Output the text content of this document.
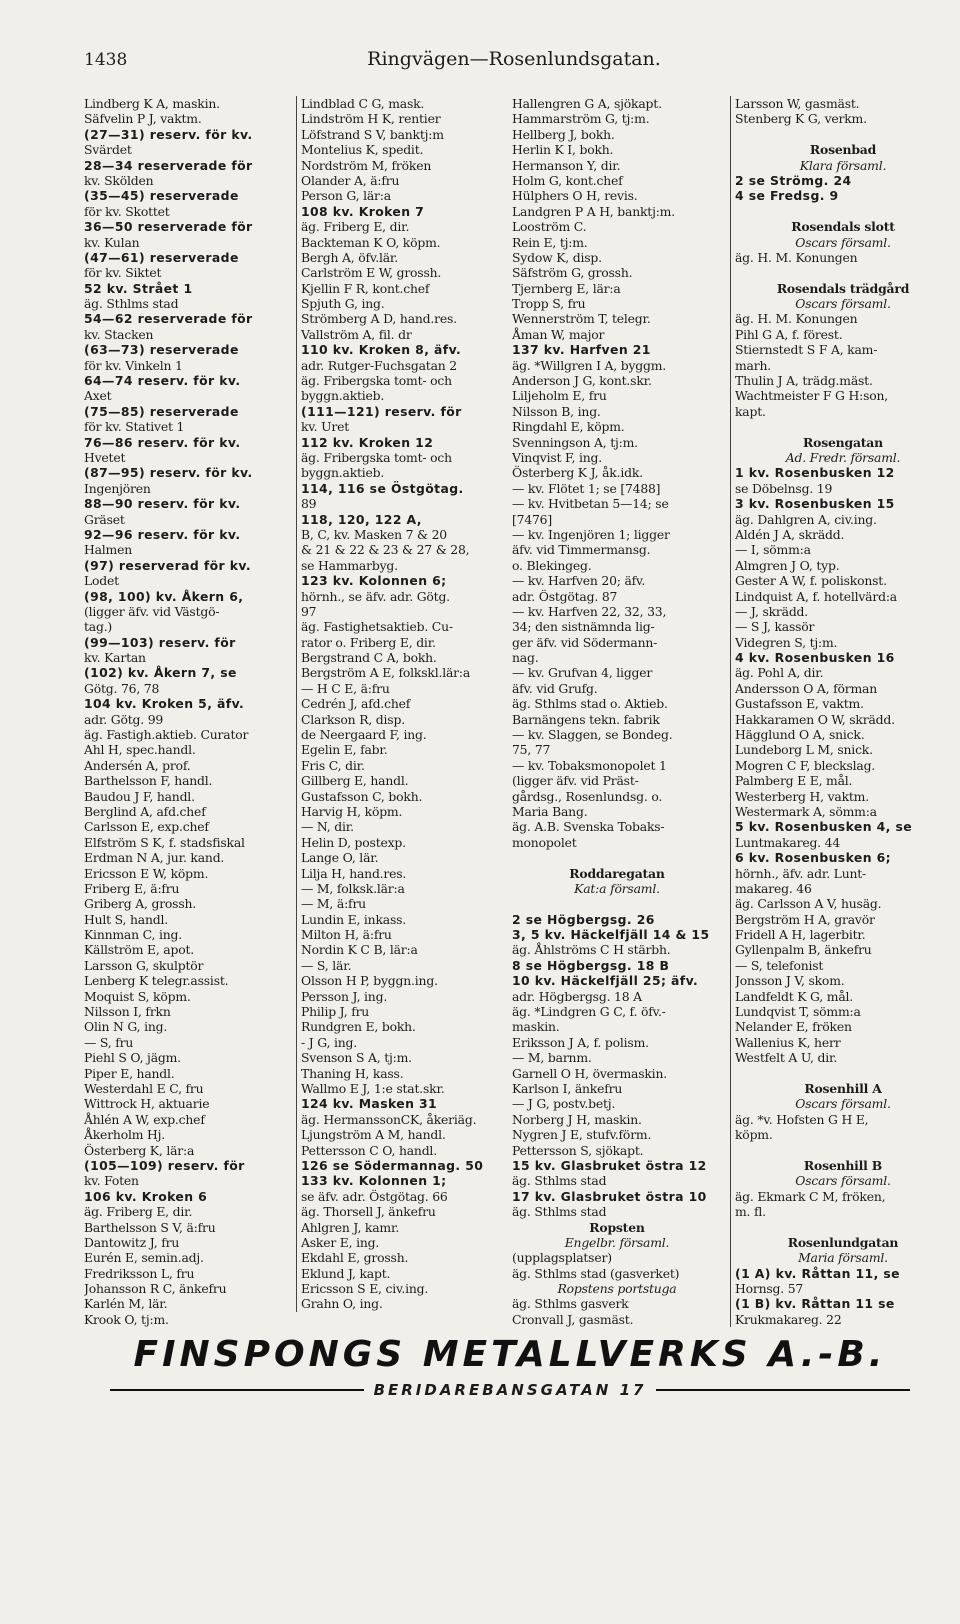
1438	Ringvägen—Rosenlundsgatan.
Lindberg K A, maskin.
Säfvelin P J, vaktm.
(27—31) reserv. för kv.
Svärdet
28—34 reserverade för
kv. Skölden
(35—45) reserverade
för kv. Skottet
36—50 reserverade för
kv. Kulan
(47—61) reserverade
för kv. Siktet
52 kv. Strået 1
äg. Sthlms stad
54—62 reserverade för
kv. Stacken
(63—73) reserverade
för kv. Vinkeln 1
64—74 reserv. för kv.
Axet
(75—85) reserverade
för kv. Stativet 1
76—86 reserv. för kv.
Hvetet
(87—95) reserv. för kv.
Ingenjören
88—90 reserv. för kv.
Gräset
92—96 reserv. för kv.
Halmen
(97) reserverad för kv.
Lodet
(98, 100) kv. Åkern 6,
(ligger äfv. vid Västgö-
tag.)
(99—103) reserv. för
kv. Kartan
(102) kv. Åkern 7, se
Götg. 76, 78
104 kv. Kroken 5, äfv.
adr. Götg. 99
äg. Fastigh.aktieb. Curator
Ahl H, spec.handl.
Andersén A, prof.
Barthelsson F, handl.
Baudou J F, handl.
Berglind A, afd.chef
Carlsson E, exp.chef
Elfström S K, f. stadsfiskal
Erdman N A, jur. kand.
Ericsson E W, köpm.
Friberg E, ä:fru
Griberg A, grossh.
Hult S, handl.
Kinnman C, ing.
Källström E, apot.
Larsson G, skulptör
Lenberg K telegr.assist.
Moquist S, köpm.
Nilsson I, frkn
Olin N G, ing.
— S, fru
Piehl S O, jägm.
Piper E, handl.
Westerdahl E C, fru
Wittrock H, aktuarie
Åhlén A W, exp.chef
Åkerholm Hj.
Österberg K, lär:a
(105—109) reserv. för
kv. Foten
106 kv. Kroken 6
äg. Friberg E, dir.
Barthelsson S V, ä:fru
Dantowitz J, fru
Eurén E, semin.adj.
Fredriksson L, fru
Johansson R C, änkefru
Karlén M, lär.
Krook O, tj:m.
Lindblad C G, mask.
Lindström H K, rentier
Löfstrand S V, banktj:m
Montelius K, spedit.
Nordström M, fröken
Olander A, ä:fru
Person G, lär:a
108 kv. Kroken 7
äg. Friberg E, dir.
Backteman K O, köpm.
Bergh A, öfv.lär.
Carlström E W, grossh.
Kjellin F R, kont.chef
Spjuth G, ing.
Strömberg A D, hand.res.
Vallström A, fil. dr
110 kv. Kroken 8, äfv.
adr. Rutger-Fuchsgatan 2
äg. Fribergska tomt- och
byggn.aktieb.
(111—121) reserv. för
kv. Uret
112 kv. Kroken 12
äg. Fribergska tomt- och
byggn.aktieb.
114, 116 se Östgötag.
89
118, 120, 122 A,
B, C, kv. Masken 7 & 20
& 21 & 22 & 23 & 27 & 28,
se Hammarbyg.
123 kv. Kolonnen 6;
hörnh., se äfv. adr. Götg.
97
äg. Fastighetsaktieb. Cu-
rator o. Friberg E, dir.
Bergstrand C A, bokh.
Bergström A E, folkskl.lär:a
— H C E, ä:fru
Cedrén J, afd.chef
Clarkson R, disp.
de Neergaard F, ing.
Egelin E, fabr.
Fris C, dir.
Gillberg E, handl.
Gustafsson C, bokh.
Harvig H, köpm.
— N, dir.
Helin D, postexp.
Lange O, lär.
Lilja H, hand.res.
— M, folksk.lär:a
— M, ä:fru
Lundin E, inkass.
Milton H, ä:fru
Nordin K C B, lär:a
— S, lär.
Olsson H P, byggn.ing.
Persson J, ing.
Philip J, fru
Rundgren E, bokh.
- J G, ing.
Svenson S A, tj:m.
Thaning H, kass.
Wallmo E J, 1:e stat.skr.
124 kv. Masken 31
äg. HermanssonCK, åkeriäg.
Ljungström A M, handl.
Pettersson C O, handl.
126 se Södermannag. 50
133 kv. Kolonnen 1;
se äfv. adr. Östgötag. 66
äg. Thorsell J, änkefru
Ahlgren J, kamr.
Asker E, ing.
Ekdahl E, grossh.
Eklund J, kapt.
Ericsson S E, civ.ing.
Grahn O, ing.
Hallengren G A, sjökapt.
Hammarström G, tj:m.
Hellberg J, bokh.
Herlin K I, bokh.
Hermanson Y, dir.
Holm G, kont.chef
Hülphers O H, revis.
Landgren P A H, banktj:m.
Looström C.
Rein E, tj:m.
Sydow K, disp.
Säfström G, grossh.
Tjernberg E, lär:a
Tropp S, fru
Wennerström T, telegr.
Åman W, major
137 kv. Harfven 21
äg. *Willgren I A, byggm.
Anderson J G, kont.skr.
Liljeholm E, fru
Nilsson B, ing.
Ringdahl E, köpm.
Svenningson A, tj:m.
Vinqvist F, ing.
Österberg K J, åk.idk.
— kv. Flötet 1; se [7488]
— kv. Hvitbetan 5—14; se
[7476]
— kv. Ingenjören 1; ligger
äfv. vid Timmermansg.
o. Blekingeg.
— kv. Harfven 20; äfv.
adr. Östgötag. 87
— kv. Harfven 22, 32, 33,
34; den sistnämnda lig-
ger äfv. vid Södermann-
nag.
— kv. Grufvan 4, ligger
äfv. vid Grufg.
äg. Sthlms stad o. Aktieb.
Barnängens tekn. fabrik
— kv. Slaggen, se Bondeg.
75, 77
— kv. Tobaksmonopolet 1
(ligger äfv. vid Präst-
gårdsg., Rosenlundsg. o.
Maria Bang.
äg. A.B. Svenska Tobaks-
monopolet
Roddaregatan
Kat:a församl.
2 se Högbergsg. 26
3, 5 kv. Häckelfjäll 14 & 15
äg. Åhlströms C H stärbh.
8 se Högbergsg. 18 B
10 kv. Häckelfjäll 25; äfv.
adr. Högbergsg. 18 A
äg. *Lindgren G C, f. öfv.-
maskin.
Eriksson J A, f. polism.
— M, barnm.
Garnell O H, övermaskin.
Karlson I, änkefru
— J G, postv.betj.
Norberg J H, maskin.
Nygren J E, stufv.förm.
Pettersson S, sjökapt.
15 kv. Glasbruket östra 12
äg. Sthlms stad
17 kv. Glasbruket östra 10
äg. Sthlms stad
Ropsten
Engelbr. församl.
(upplagsplatser)
äg. Sthlms stad (gasverket)
Ropstens portstuga
äg. Sthlms gasverk
Cronvall J, gasmäst.
Larsson W, gasmäst.
Stenberg K G, verkm.
Rosenbad
Klara församl.
2 se Strömg. 24
4 se Fredsg. 9
Rosendals slott
Oscars församl.
äg. H. M. Konungen
Rosendals trädgård
Oscars församl.
äg. H. M. Konungen
Pihl G A, f. förest.
Stiernstedt S F A, kam-
marh.
Thulin J A, trädg.mäst.
Wachtmeister F G H:son,
kapt.
Rosengatan
Ad. Fredr. församl.
1 kv. Rosenbusken 12
se Döbelnsg. 19
3 kv. Rosenbusken 15
äg. Dahlgren A, civ.ing.
Aldén J A, skrädd.
— I, sömm:a
Almgren J O, typ.
Gester A W, f. poliskonst.
Lindquist A, f. hotellvärd:a
— J, skrädd.
— S J, kassör
Videgren S, tj:m.
4 kv. Rosenbusken 16
äg. Pohl A, dir.
Andersson O A, förman
Gustafsson E, vaktm.
Hakkaramen O W, skrädd.
Hägglund O A, snick.
Lundeborg L M, snick.
Mogren C F, bleckslag.
Palmberg E E, mål.
Westerberg H, vaktm.
Westermark A, sömm:a
5 kv. Rosenbusken 4, se
Luntmakareg. 44
6 kv. Rosenbusken 6;
hörnh., äfv. adr. Lunt-
makareg. 46
äg. Carlsson A V, husäg.
Bergström H A, gravör
Fridell A H, lagerbitr.
Gyllenpalm B, änkefru
— S, telefonist
Jonsson J V, skom.
Landfeldt K G, mål.
Lundqvist T, sömm:a
Nelander E, fröken
Wallenius K, herr
Westfelt A U, dir.
Rosenhill A
Oscars församl.
äg. *v. Hofsten G H E,
köpm.
Rosenhill B
Oscars församl.
äg. Ekmark C M, fröken,
m. fl.
Rosenlundgatan
Maria församl.
(1 A) kv. Råttan 11, se
Hornsg. 57
(1 B) kv. Råttan 11 se
Krukmakareg. 22
FINSPONGS METALLVERKS A.-B.
BERIDAREBANSGATAN 17
